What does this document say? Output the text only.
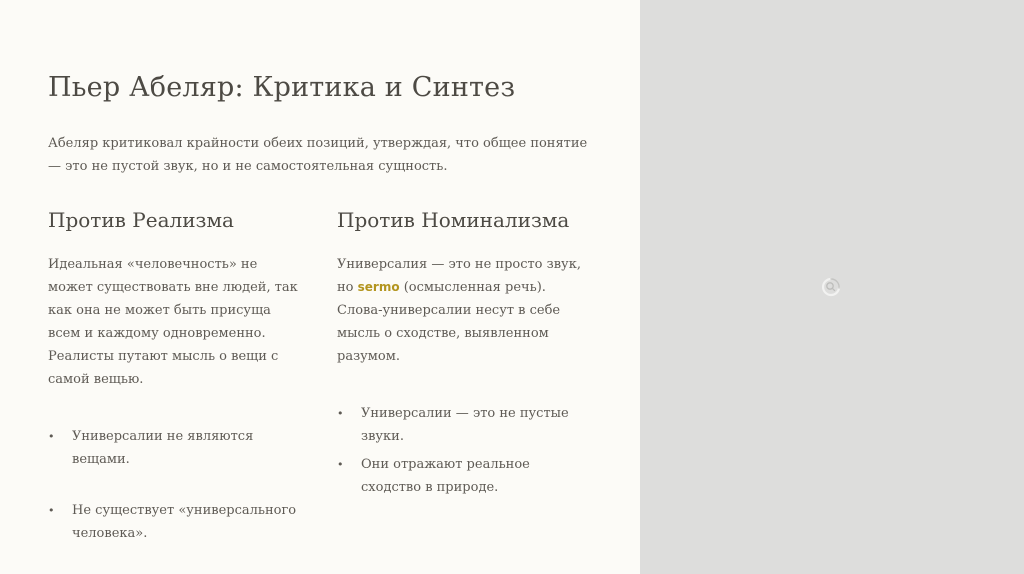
Пьер Абеляр: Критика и Синтез

Абеляр критиковал крайности обеих позиций, утверждая, что общее понятие — это не пустой звук, но и не самостоятельная сущность.

Против Реализма

Идеальная «человечность» не может существовать вне людей, так как она не может быть присуща всем и каждому одновременно. Реалисты путают мысль о вещи с самой вещью.

• Универсалии не являются вещами.
• Не существует «универсального человека».
Против Номинализма

Универсалия — это не просто звук, но sermo (осмысленная речь). Слова-универсалии несут в себе мысль о сходстве, выявленном разумом.

• Универсалии — это не пустые звуки.
• Они отражают реальное сходство в природе.
